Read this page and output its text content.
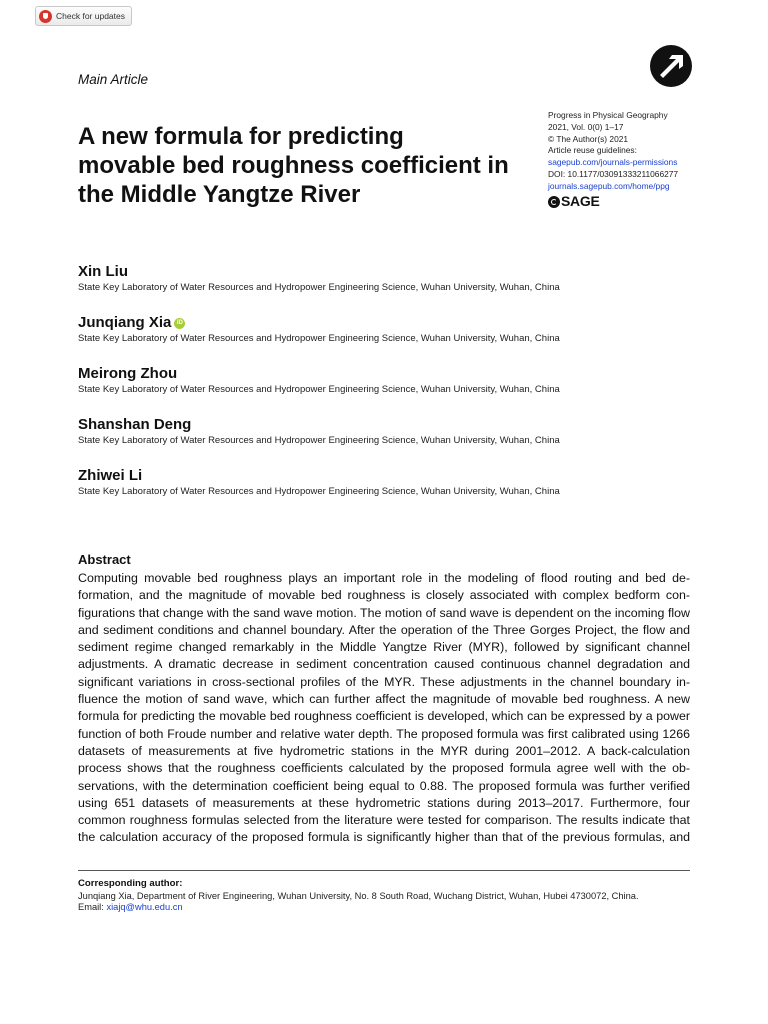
Check for updates
Main Article
A new formula for predicting
movable bed roughness coefficient in
the Middle Yangtze River
Progress in Physical Geography
2021, Vol. 0(0) 1–17
© The Author(s) 2021
Article reuse guidelines:
sagepub.com/journals-permissions
DOI: 10.1177/03091333211066277
journals.sagepub.com/home/ppg
SAGE
Xin Liu
State Key Laboratory of Water Resources and Hydropower Engineering Science, Wuhan University, Wuhan, China
Junqiang Xia iD
State Key Laboratory of Water Resources and Hydropower Engineering Science, Wuhan University, Wuhan, China
Meirong Zhou
State Key Laboratory of Water Resources and Hydropower Engineering Science, Wuhan University, Wuhan, China
Shanshan Deng
State Key Laboratory of Water Resources and Hydropower Engineering Science, Wuhan University, Wuhan, China
Zhiwei Li
State Key Laboratory of Water Resources and Hydropower Engineering Science, Wuhan University, Wuhan, China
Abstract
Computing movable bed roughness plays an important role in the modeling of flood routing and bed de-
formation, and the magnitude of movable bed roughness is closely associated with complex bedform con-
figurations that change with the sand wave motion. The motion of sand wave is dependent on the incoming flow
and sediment conditions and channel boundary. After the operation of the Three Gorges Project, the flow and
sediment regime changed remarkably in the Middle Yangtze River (MYR), followed by significant channel
adjustments. A dramatic decrease in sediment concentration caused continuous channel degradation and
significant variations in cross-sectional profiles of the MYR. These adjustments in the channel boundary in-
fluence the motion of sand wave, which can further affect the magnitude of movable bed roughness. A new
formula for predicting the movable bed roughness coefficient is developed, which can be expressed by a power
function of both Froude number and relative water depth. The proposed formula was first calibrated using 1266
datasets of measurements at five hydrometric stations in the MYR during 2001–2012. A back-calculation
process shows that the roughness coefficients calculated by the proposed formula agree well with the ob-
servations, with the determination coefficient being equal to 0.88. The proposed formula was further verified
using 651 datasets of measurements at these hydrometric stations during 2013–2017. Furthermore, four
common roughness formulas selected from the literature were tested for comparison. The results indicate that
the calculation accuracy of the proposed formula is significantly higher than that of the previous formulas, and
Corresponding author:
Junqiang Xia, Department of River Engineering, Wuhan University, No. 8 South Road, Wuchang District, Wuhan, Hubei 4730072, China.
Email: xiajq@whu.edu.cn
